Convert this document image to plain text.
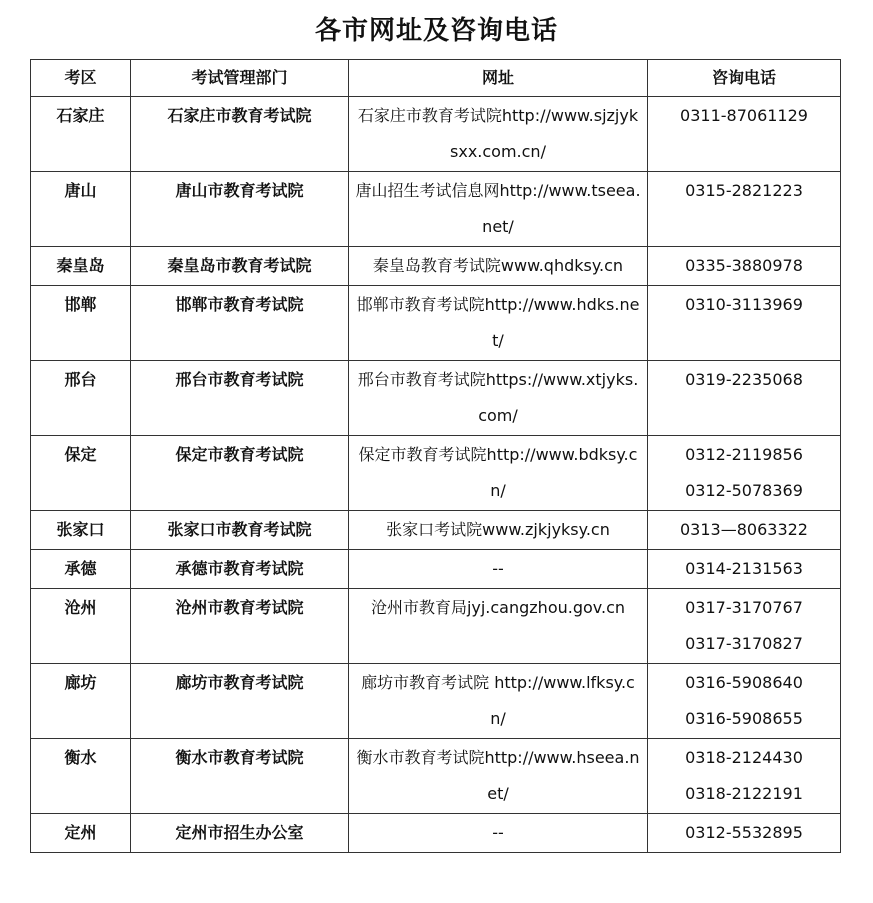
各市网址及咨询电话
考区	考试管理部门	网址	咨询电话
石家庄	石家庄市教育考试院	石家庄市教育考试院http://www.sjzjyksxx.com.cn/	0311-87061129

唐山	唐山市教育考试院	唐山招生考试信息网http://www.tseea.net/	0315-2821223

秦皇岛	秦皇岛市教育考试院	秦皇岛教育考试院www.qhdksy.cn	0335-3880978

邯郸	邯郸市教育考试院	邯郸市教育考试院http://www.hdks.net/	0310-3113969

邢台	邢台市教育考试院	邢台市教育考试院https://www.xtjyks.com/	0319-2235068

保定	保定市教育考试院	保定市教育考试院http://www.bdksy.cn/	0312-2119856
0312-5078369

张家口	张家口市教育考试院	张家口考试院www.zjkjyksy.cn	0313—8063322

承德	承德市教育考试院	--	0314-2131563

沧州	沧州市教育考试院	沧州市教育局jyj.cangzhou.gov.cn	0317-3170767
0317-3170827

廊坊	廊坊市教育考试院	廊坊市教育考试院 http://www.lfksy.cn/	0316-5908640
0316-5908655

衡水	衡水市教育考试院	衡水市教育考试院http://www.hseea.net/	0318-2124430
0318-2122191

定州	定州市招生办公室	--	0312-5532895
